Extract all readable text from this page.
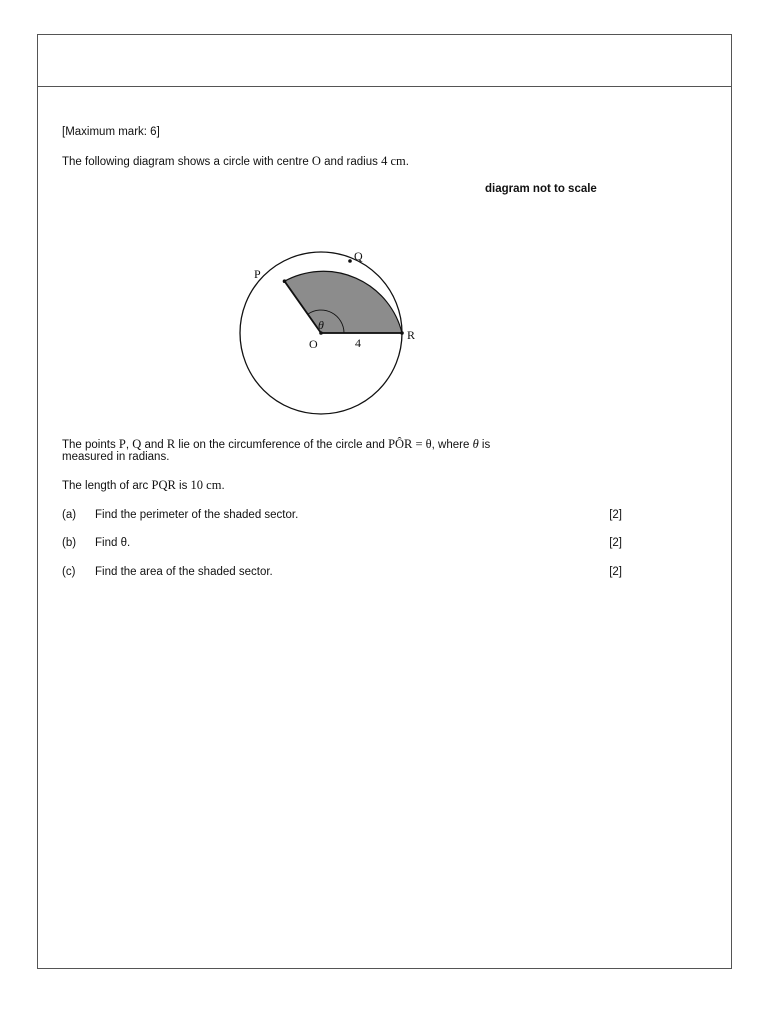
[Maximum mark: 6]
The following diagram shows a circle with centre O and radius 4 cm.
diagram not to scale
P
Q
R
O	4
θ
The points P, Q and R lie on the circumference of the circle and PÔR = θ, where θ is
measured in radians.
The length of arc PQR is 10 cm.
(a) Find the perimeter of the shaded sector.	[2]
(b) Find θ.	[2]
(c) Find the area of the shaded sector.	[2]
